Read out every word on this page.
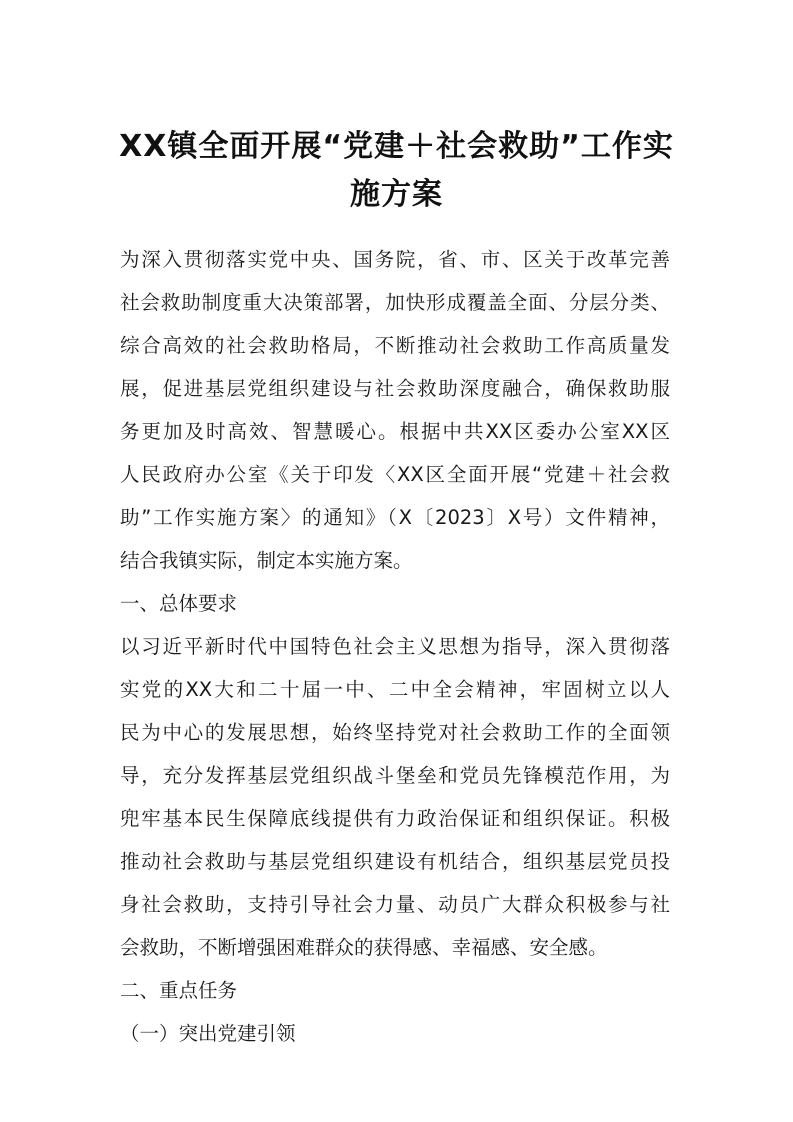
XX镇全面开展“党建＋社会救助”工作实
施方案
为深入贯彻落实党中央、国务院，省、市、区关于改革完善
社会救助制度重大决策部署，加快形成覆盖全面、分层分类、
综合高效的社会救助格局，不断推动社会救助工作高质量发
展，促进基层党组织建设与社会救助深度融合，确保救助服
务更加及时高效、智慧暖心。根据中共XX区委办公室XX区
人民政府办公室《关于印发〈XX区全面开展“党建＋社会救
助”工作实施方案〉的通知》（X〔2023〕X号）文件精神，
结合我镇实际，制定本实施方案。
一、总体要求
以习近平新时代中国特色社会主义思想为指导，深入贯彻落
实党的XX大和二十届一中、二中全会精神，牢固树立以人
民为中心的发展思想，始终坚持党对社会救助工作的全面领
导，充分发挥基层党组织战斗堡垒和党员先锋模范作用，为
兜牢基本民生保障底线提供有力政治保证和组织保证。积极
推动社会救助与基层党组织建设有机结合，组织基层党员投
身社会救助，支持引导社会力量、动员广大群众积极参与社
会救助，不断增强困难群众的获得感、幸福感、安全感。
二、重点任务
（一）突出党建引领
